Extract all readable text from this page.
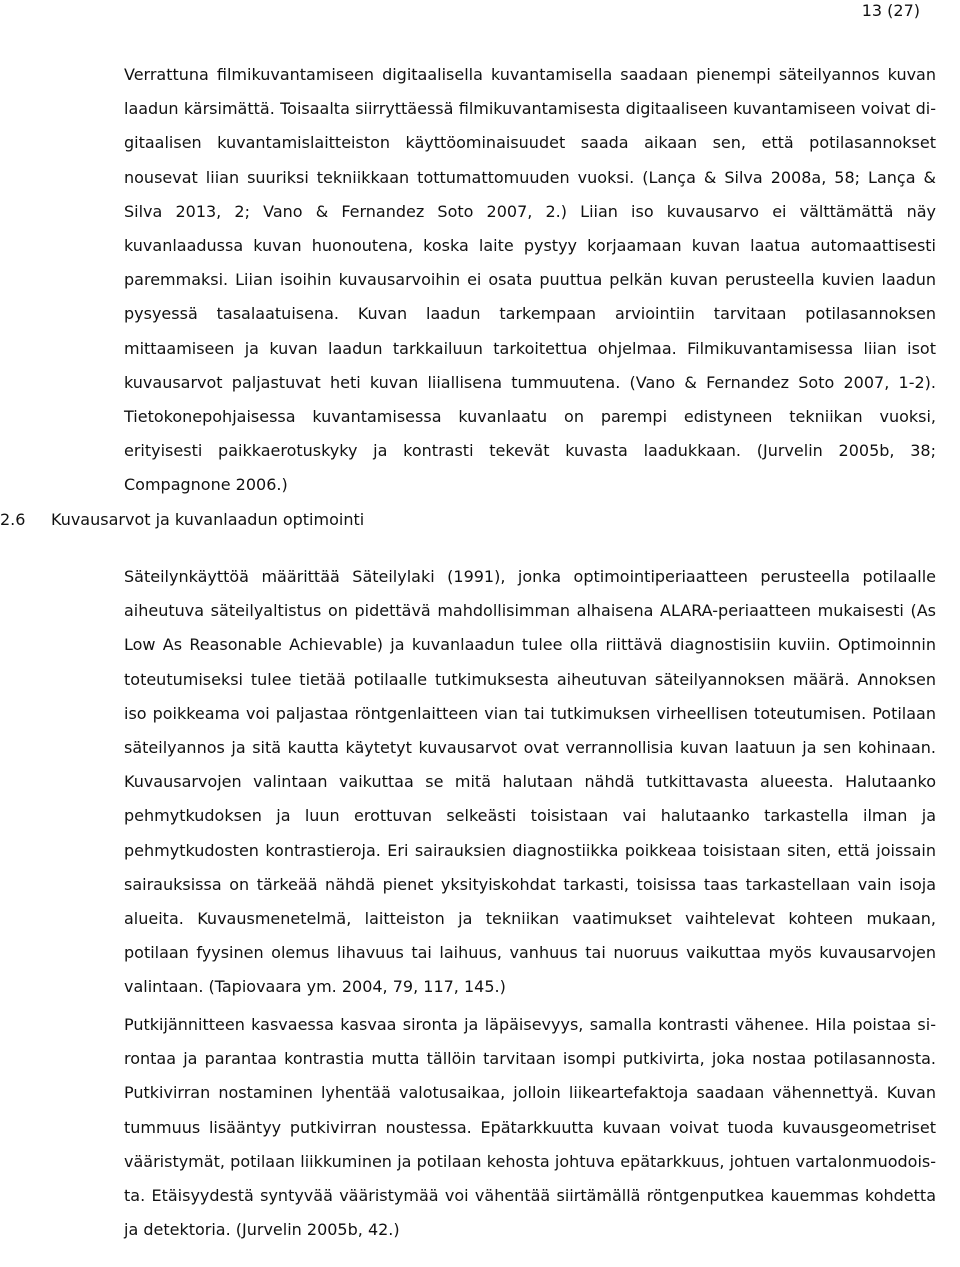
13 (27)

Verrattuna filmikuvantamiseen digitaalisella kuvantamisella saadaan pienempi säteilyannos kuvan laadun kärsimättä. Toisaalta siirryttäessä filmikuvantamisesta digitaaliseen kuvantamiseen voivat digitaalisen kuvantamislaitteiston käyttöominaisuudet saada aikaan sen, että potilasannokset nousevat liian suuriksi tekniikkaan tottumattomuuden vuoksi. (Lança & Silva 2008a, 58; Lança & Silva 2013, 2; Vano & Fernandez Soto 2007, 2.) Liian iso kuvausarvo ei välttämättä näy kuvanlaadussa kuvan huonoutena, koska laite pystyy korjaamaan kuvan laatua automaattisesti paremmaksi. Liian isoihin kuvausarvoihin ei osata puuttua pelkän kuvan perusteella kuvien laadun pysyessä tasalaatuisena. Kuvan laadun tarkempaan arviointiin tarvitaan potilasannoksen mittaamiseen ja kuvan laadun tarkkailuun tarkoitettua ohjelmaa. Filmikuvantamisessa liian isot kuvausarvot paljastuvat heti kuvan liiallisena tummuutena. (Vano & Fernandez Soto 2007, 1-2). Tietokonepohjaisessa kuvantamisessa kuvanlaatu on parempi edistyneen tekniikan vuoksi, erityisesti paikkaerotuskyky ja kontrasti tekevät kuvasta laadukkaan. (Jurvelin 2005b, 38; Compagnone 2006.)

2.6 Kuvausarvot ja kuvanlaadun optimointi

Säteilynkäyttöä määrittää Säteilylaki (1991), jonka optimointiperiaatteen perusteella potilaalle aiheutuva säteilyaltistus on pidettävä mahdollisimman alhaisena ALARA-periaatteen mukaisesti (As Low As Reasonable Achievable) ja kuvanlaadun tulee olla riittävä diagnostisiin kuviin. Optimoinnin toteutumiseksi tulee tietää potilaalle tutkimuksesta aiheutuvan säteilyannoksen määrä. Annoksen iso poikkeama voi paljastaa röntgenlaitteen vian tai tutkimuksen virheellisen toteutumisen. Potilaan säteilyannos ja sitä kautta käytetyt kuvausarvot ovat verrannollisia kuvan laatuun ja sen kohinaan. Kuvausarvojen valintaan vaikuttaa se mitä halutaan nähdä tutkittavasta alueesta. Halutaanko pehmytkudoksen ja luun erottuvan selkeästi toisistaan vai halutaanko tarkastella ilman ja pehmytkudosten kontrastieroja. Eri sairauksien diagnostiikka poikkeaa toisistaan siten, että joissain sairauksissa on tärkeää nähdä pienet yksityiskohdat tarkasti, toisissa taas tarkastellaan vain isoja alueita. Kuvausmenetelmä, laitteiston ja tekniikan vaatimukset vaihtelevat kohteen mukaan, potilaan fyysinen olemus lihavuus tai laihuus, vanhuus tai nuoruus vaikuttaa myös kuvausarvojen valintaan. (Tapiovaara ym. 2004, 79, 117, 145.)

Putkijännitteen kasvaessa kasvaa sironta ja läpäisevyys, samalla kontrasti vähenee. Hila poistaa sirontaa ja parantaa kontrastia mutta tällöin tarvitaan isompi putkivirta, joka nostaa potilasannosta. Putkivirran nostaminen lyhentää valotusaikaa, jolloin liikeartefaktoja saadaan vähennettyä. Kuvan tummuus lisääntyy putkivirran noustessa. Epätarkkuutta kuvaan voivat tuoda kuvausgeometriset vääristymät, potilaan liikkuminen ja potilaan kehosta johtuva epätarkkuus, johtuen vartalonmuodoista. Etäisyydestä syntyvää vääristymää voi vähentää siirtämällä röntgenputkea kauemmas kohdetta ja detektoria. (Jurvelin 2005b, 42.)
